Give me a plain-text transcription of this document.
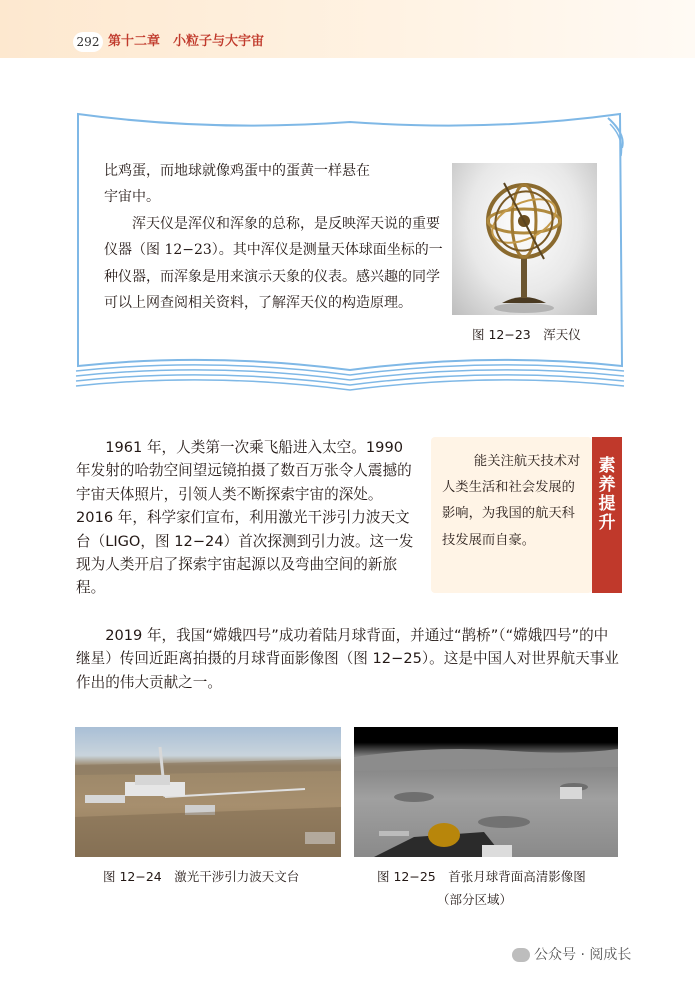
292 第十二章　小粒子与大宇宙

比鸡蛋，而地球就像鸡蛋中的蛋黄一样悬在

宇宙中。

浑天仪是浑仪和浑象的总称，是反映浑天说的重要仪器（图 12−23）。其中浑仪是测量天体球面坐标的一种仪器，而浑象是用来演示天象的仪表。感兴趣的同学可以上网查阅相关资料，了解浑天仪的构造原理。

图 12−23　浑天仪

1961 年，人类第一次乘飞船进入太空。1990 年发射的哈勃空间望远镜拍摄了数百万张令人震撼的宇宙天体照片，引领人类不断探索宇宙的深处。2016 年，科学家们宣布，利用激光干涉引力波天文台（LIGO，图 12−24）首次探测到引力波。这一发现为人类开启了探索宇宙起源以及弯曲空间的新旅程。

能关注航天技术对人类生活和社会发展的影响，为我国的航天科技发展而自豪。
素
养
提
升

2019 年，我国“嫦娥四号”成功着陆月球背面，并通过“鹊桥”（“嫦娥四号”的中继星）传回近距离拍摄的月球背面影像图（图 12−25）。这是中国人对世界航天事业作出的伟大贡献之一。

图 12−24　激光干涉引力波天文台	图 12−25　首张月球背面高清影像图
（部分区域）
公众号 · 阅成长
